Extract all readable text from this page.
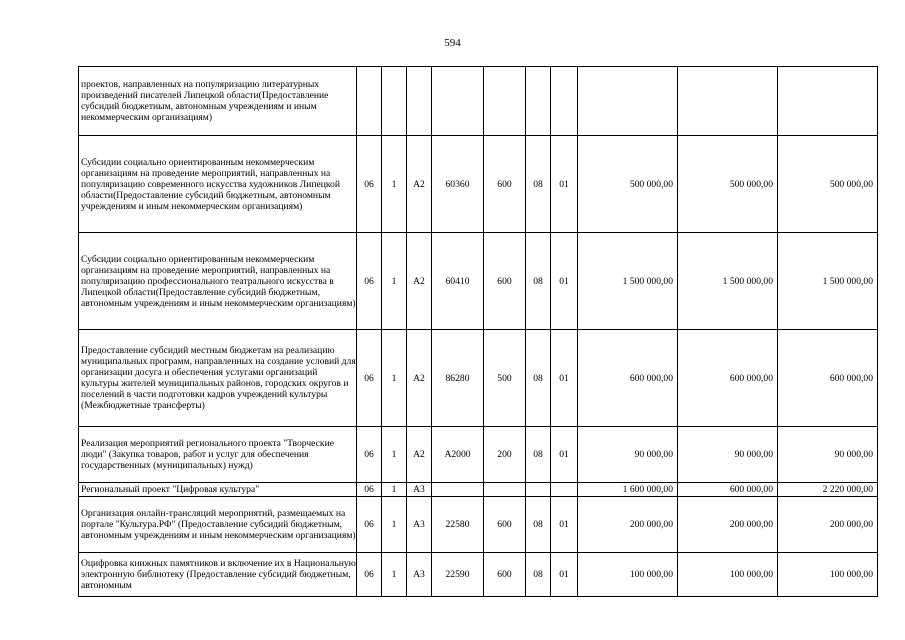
594
проектов, направленных на популяризацию литературных произведений писателей Липецкой области(Предоставление субсидий бюджетным, автономным учреждениям и иным некоммерческим организациям)										
Субсидии социально ориентированным некоммерческим организациям на проведение мероприятий, направленных на популяризацию современного искусства художников Липецкой области(Предоставление субсидий бюджетным, автономным учреждениям и иным некоммерческим организациям)	06	1	А2	60360	600	08	01	500 000,00	500 000,00	500 000,00
Субсидии социально ориентированным некоммерческим организациям на проведение мероприятий, направленных на популяризацию профессионального театрального искусства в Липецкой области(Предоставление субсидий бюджетным, автономным учреждениям и иным некоммерческим организациям)	06	1	А2	60410	600	08	01	1 500 000,00	1 500 000,00	1 500 000,00
Предоставление субсидий местным бюджетам на реализацию муниципальных программ, направленных на создание условий для организации досуга и обеспечения услугами организаций культуры жителей муниципальных районов, городских округов и поселений в части подготовки кадров учреждений культуры (Межбюджетные трансферты)	06	1	А2	86280	500	08	01	600 000,00	600 000,00	600 000,00
Реализация мероприятий регионального проекта "Творческие люди" (Закупка товаров, работ и услуг для обеспечения государственных (муниципальных) нужд)	06	1	А2	А2000	200	08	01	90 000,00	90 000,00	90 000,00
Региональный проект "Цифровая культура"	06	1	А3					1 600 000,00	600 000,00	2 220 000,00
Организация онлайн-трансляций мероприятий, размещаемых на портале "Культура.РФ" (Предоставление субсидий бюджетным, автономным учреждениям и иным некоммерческим организациям)	06	1	А3	22580	600	08	01	200 000,00	200 000,00	200 000,00
Оцифровка книжных памятников и включение их в Национальную электронную библиотеку (Предоставление субсидий бюджетным, автономным	06	1	А3	22590	600	08	01	100 000,00	100 000,00	100 000,00
